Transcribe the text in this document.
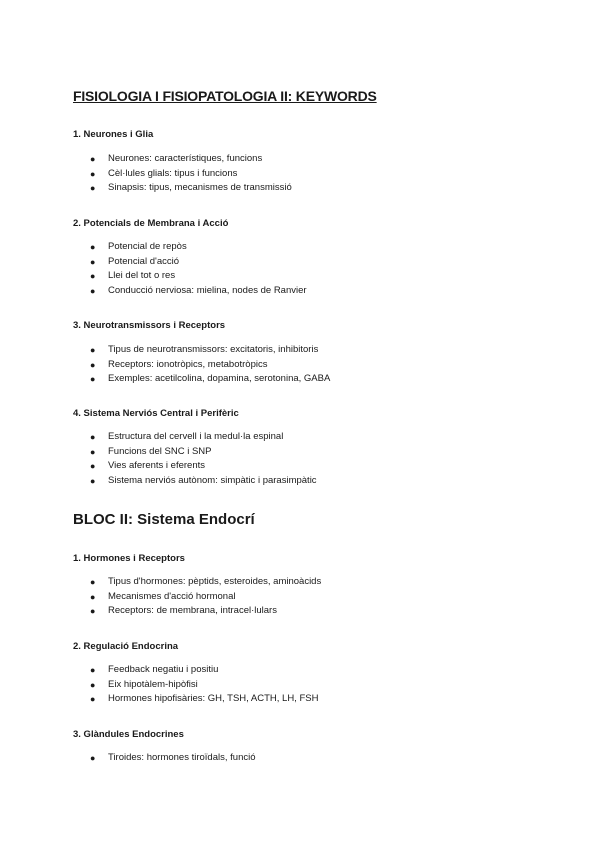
FISIOLOGIA I FISIOPATOLOGIA II: KEYWORDS
1. Neurones i Glia
● Neurones: característiques, funcions
● Cèl·lules glials: tipus i funcions
● Sinapsis: tipus, mecanismes de transmissió
2. Potencials de Membrana i Acció
● Potencial de repòs
● Potencial d'acció
● Llei del tot o res
● Conducció nerviosa: mielina, nodes de Ranvier
3. Neurotransmissors i Receptors
● Tipus de neurotransmissors: excitatoris, inhibitoris
● Receptors: ionotròpics, metabotròpics
● Exemples: acetilcolina, dopamina, serotonina, GABA
4. Sistema Nerviós Central i Perifèric
● Estructura del cervell i la medul·la espinal
● Funcions del SNC i SNP
● Vies aferents i eferents
● Sistema nerviós autònom: simpàtic i parasimpàtic
BLOC II: Sistema Endocrí
1. Hormones i Receptors
● Tipus d'hormones: pèptids, esteroides, aminoàcids
● Mecanismes d'acció hormonal
● Receptors: de membrana, intracel·lulars
2. Regulació Endocrina
● Feedback negatiu i positiu
● Eix hipotàlem-hipòfisi
● Hormones hipofisàries: GH, TSH, ACTH, LH, FSH
3. Glàndules Endocrines
● Tiroides: hormones tiroïdals, funció
